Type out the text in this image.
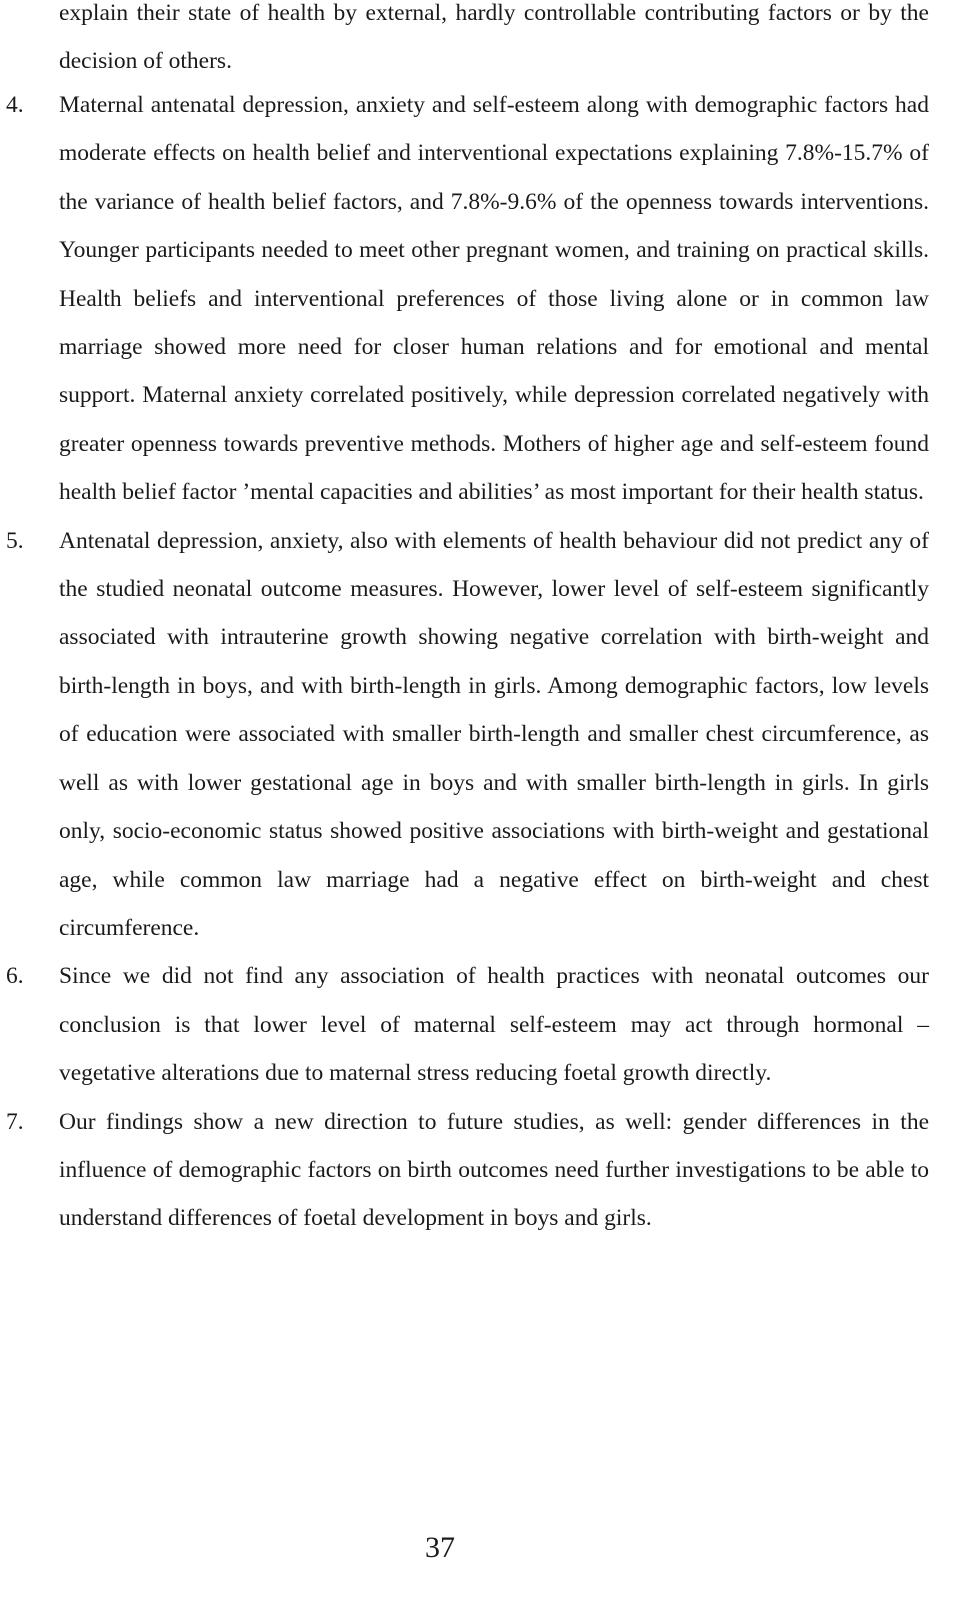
explain their state of health by external, hardly controllable contributing factors or by the decision of others.
4. Maternal antenatal depression, anxiety and self-esteem along with demographic factors had moderate effects on health belief and interventional expectations explaining 7.8%-15.7% of the variance of health belief factors, and 7.8%-9.6% of the openness towards interventions. Younger participants needed to meet other pregnant women, and training on practical skills. Health beliefs and interventional preferences of those living alone or in common law marriage showed more need for closer human relations and for emotional and mental support. Maternal anxiety correlated positively, while depression correlated negatively with greater openness towards preventive methods. Mothers of higher age and self-esteem found health belief factor ’mental capacities and abilities’ as most important for their health status.
5. Antenatal depression, anxiety, also with elements of health behaviour did not predict any of the studied neonatal outcome measures. However, lower level of self-esteem significantly associated with intrauterine growth showing negative correlation with birth-weight and birth-length in boys, and with birth-length in girls. Among demographic factors, low levels of education were associated with smaller birth-length and smaller chest circumference, as well as with lower gestational age in boys and with smaller birth-length in girls. In girls only, socio-economic status showed positive associations with birth-weight and gestational age, while common law marriage had a negative effect on birth-weight and chest circumference.
6. Since we did not find any association of health practices with neonatal outcomes our conclusion is that lower level of maternal self-esteem may act through hormonal – vegetative alterations due to maternal stress reducing foetal growth directly.
7. Our findings show a new direction to future studies, as well: gender differences in the influence of demographic factors on birth outcomes need further investigations to be able to understand differences of foetal development in boys and girls.
37
